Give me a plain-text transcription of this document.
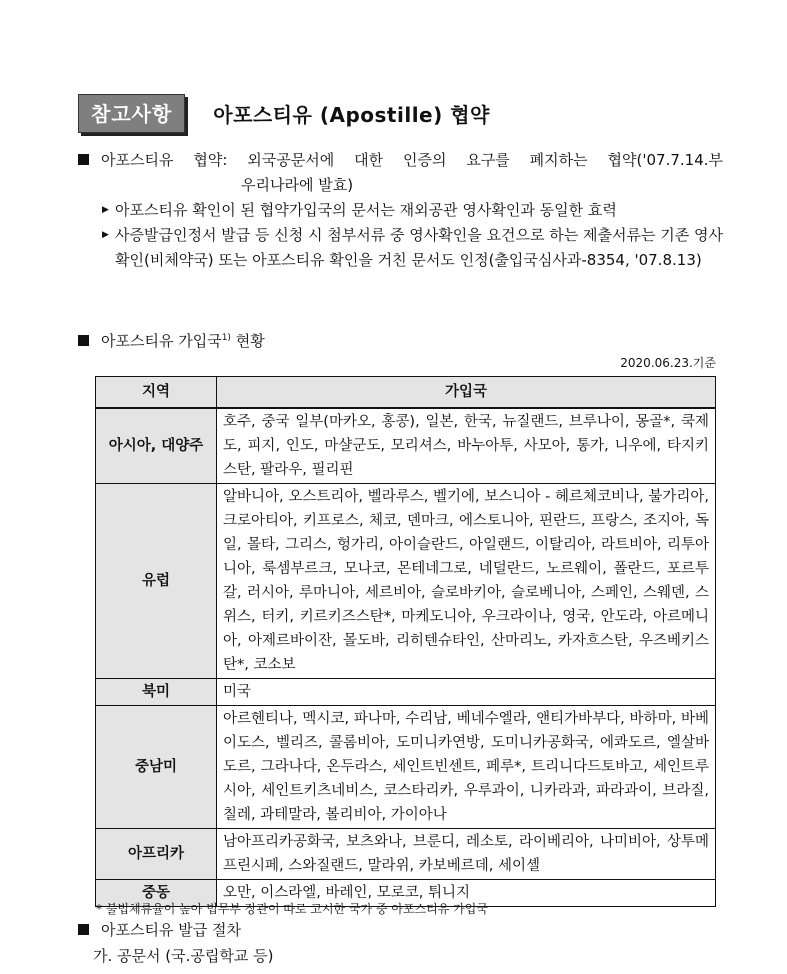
참고사항	아포스티유 (Apostille) 협약
아포스티유 협약: 외국공문서에 대한 인증의 요구를 폐지하는 협약('07.7.14.부
우리나라에 발효)
▶ 아포스티유 확인이 된 협약가입국의 문서는 재외공관 영사확인과 동일한 효력
▶ 사증발급인정서 발급 등 신청 시 첨부서류 중 영사확인을 요건으로 하는 제출서류는 기존 영사확인(비체약국) 또는 아포스티유 확인을 거친 문서도 인정(출입국심사과-8354, '07.8.13)
아포스티유 가입국$^{1)}$ 현황
2020.06.23.기준
지역	가입국
아시아, 대양주	호주, 중국 일부(마카오, 홍콩), 일본, 한국, 뉴질랜드, 브루나이, 몽골*, 쿡제도, 피지, 인도, 마샬군도, 모리셔스, 바누아투, 사모아, 통가, 니우에, 타지키스탄, 팔라우, 필리핀
유럽	알바니아, 오스트리아, 벨라루스, 벨기에, 보스니아 - 헤르체코비나, 불가리아, 크로아티아, 키프로스, 체코, 덴마크, 에스토니아, 핀란드, 프랑스, 조지아, 독일, 몰타, 그리스, 헝가리, 아이슬란드, 아일랜드, 이탈리아, 라트비아, 리투아니아, 룩셈부르크, 모나코, 몬테네그로, 네덜란드, 노르웨이, 폴란드, 포르투갈, 러시아, 루마니아, 세르비아, 슬로바키아, 슬로베니아, 스페인, 스웨덴, 스위스, 터키, 키르키즈스탄*, 마케도니아, 우크라이나, 영국, 안도라, 아르메니아, 아제르바이잔, 몰도바, 리히텐슈타인, 산마리노, 카자흐스탄, 우즈베키스탄*, 코소보
북미	미국
중남미	아르헨티나, 멕시코, 파나마, 수리남, 베네수엘라, 앤티가바부다, 바하마, 바베이도스, 벨리즈, 콜롬비아, 도미니카연방, 도미니카공화국, 에콰도르, 엘살바도르, 그라나다, 온두라스, 세인트빈센트, 페루*, 트리니다드토바고, 세인트루시아, 세인트키츠네비스, 코스타리카, 우루과이, 니카라과, 파라과이, 브라질, 칠레, 과테말라, 볼리비아, 가이아나
아프리카	남아프리카공화국, 보츠와나, 브룬디, 레소토, 라이베리아, 나미비아, 상투메프린시페, 스와질랜드, 말라위, 카보베르데, 세이셸
중동	오만, 이스라엘, 바레인, 모로코, 튀니지
* 불법체류율이 높아 법무부 장관이 따로 고시한 국가 중 아포스티유 가입국
아포스티유 발급 절차
가. 공문서 (국.공립학교 등)
